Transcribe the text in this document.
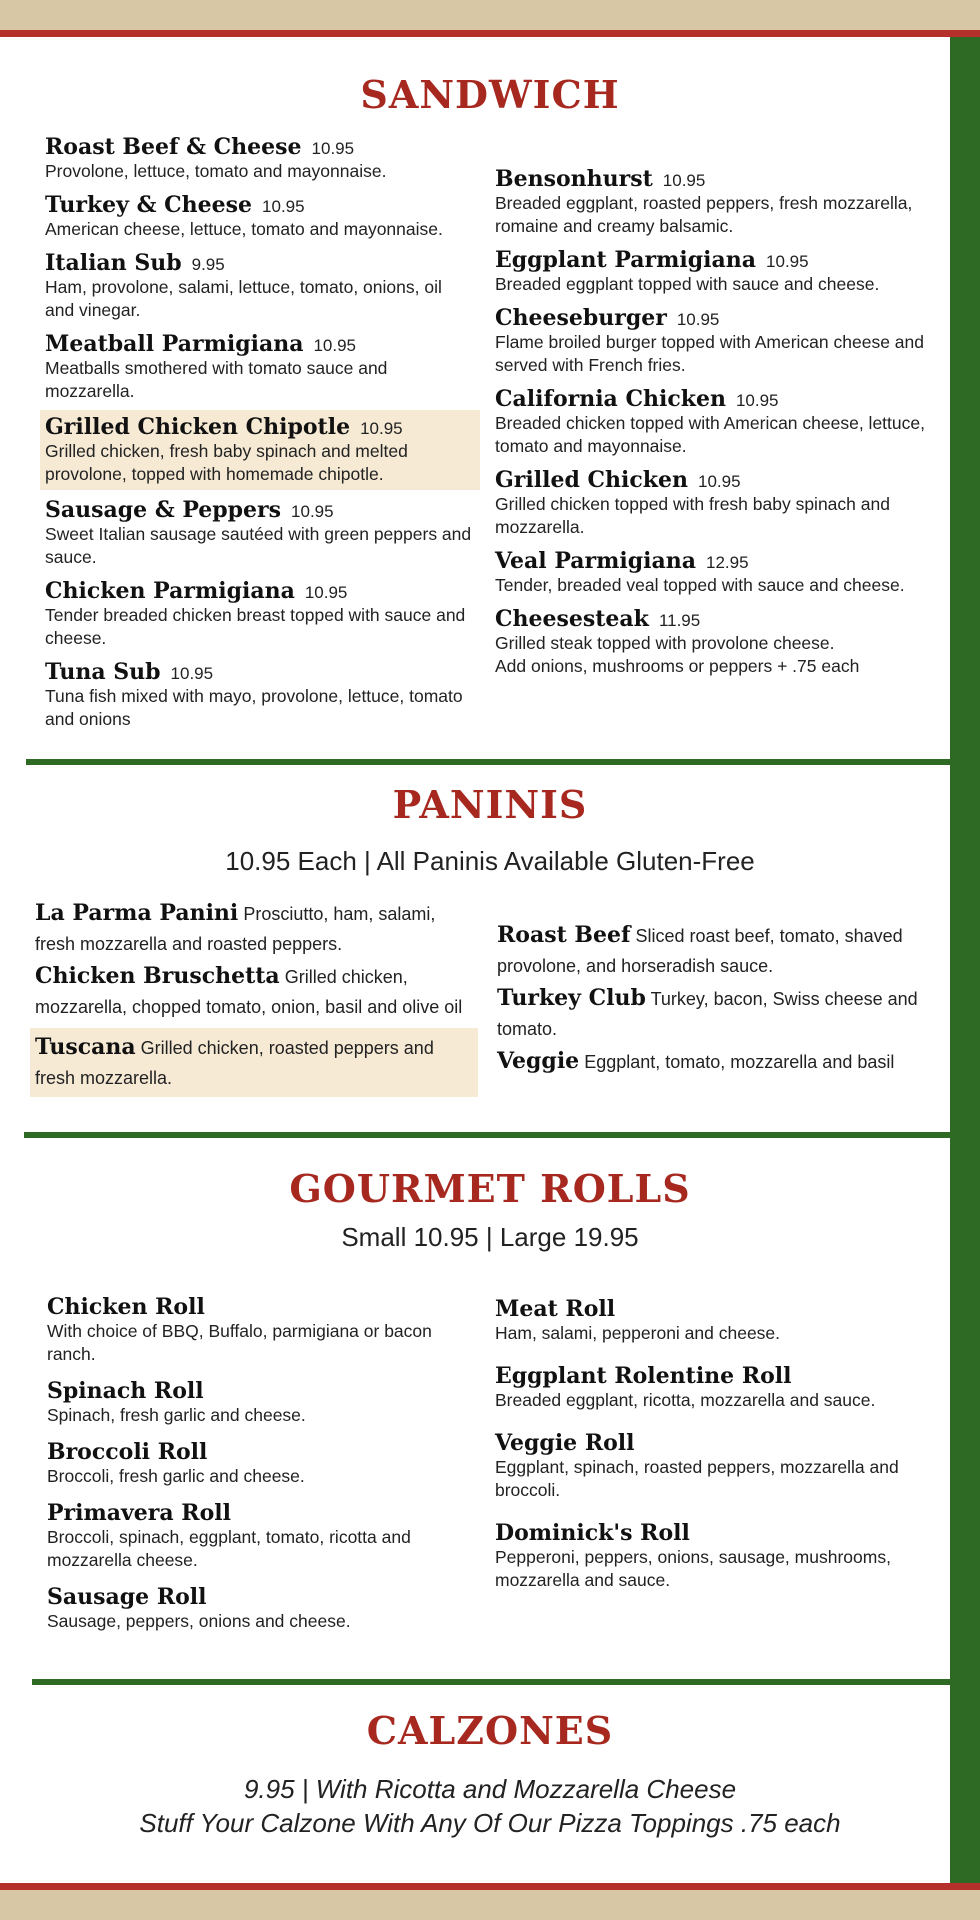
SANDWICH
Roast Beef & Cheese 10.95
Provolone, lettuce, tomato and mayonnaise.
Turkey & Cheese 10.95
American cheese, lettuce, tomato and mayonnaise.
Italian Sub 9.95
Ham, provolone, salami, lettuce, tomato, onions, oil and vinegar.
Meatball Parmigiana 10.95
Meatballs smothered with tomato sauce and mozzarella.
Grilled Chicken Chipotle 10.95
Grilled chicken, fresh baby spinach and melted provolone, topped with homemade chipotle.
Sausage & Peppers 10.95
Sweet Italian sausage sautéed with green peppers and sauce.
Chicken Parmigiana 10.95
Tender breaded chicken breast topped with sauce and cheese.
Tuna Sub 10.95
Tuna fish mixed with mayo, provolone, lettuce, tomato and onions
Bensonhurst 10.95
Breaded eggplant, roasted peppers, fresh mozzarella, romaine and creamy balsamic.
Eggplant Parmigiana 10.95
Breaded eggplant topped with sauce and cheese.
Cheeseburger 10.95
Flame broiled burger topped with American cheese and served with French fries.
California Chicken 10.95
Breaded chicken topped with American cheese, lettuce, tomato and mayonnaise.
Grilled Chicken 10.95
Grilled chicken topped with fresh baby spinach and mozzarella.
Veal Parmigiana 12.95
Tender, breaded veal topped with sauce and cheese.
Cheesesteak 11.95
Grilled steak topped with provolone cheese.
Add onions, mushrooms or peppers + .75 each
PANINIS
10.95 Each | All Paninis Available Gluten-Free
La Parma Panini Prosciutto, ham, salami, fresh mozzarella and roasted peppers.
Chicken Bruschetta Grilled chicken, mozzarella, chopped tomato, onion, basil and olive oil
Tuscana Grilled chicken, roasted peppers and fresh mozzarella.
Roast Beef Sliced roast beef, tomato, shaved provolone, and horseradish sauce.
Turkey Club Turkey, bacon, Swiss cheese and tomato.
Veggie Eggplant, tomato, mozzarella and basil
GOURMET ROLLS
Small 10.95 | Large 19.95
Chicken Roll
With choice of BBQ, Buffalo, parmigiana or bacon ranch.
Spinach Roll
Spinach, fresh garlic and cheese.
Broccoli Roll
Broccoli, fresh garlic and cheese.
Primavera Roll
Broccoli, spinach, eggplant, tomato, ricotta and mozzarella cheese.
Sausage Roll
Sausage, peppers, onions and cheese.
Meat Roll
Ham, salami, pepperoni and cheese.
Eggplant Rolentine Roll
Breaded eggplant, ricotta, mozzarella and sauce.
Veggie Roll
Eggplant, spinach, roasted peppers, mozzarella and broccoli.
Dominick's Roll
Pepperoni, peppers, onions, sausage, mushrooms, mozzarella and sauce.
CALZONES
9.95 | With Ricotta and Mozzarella Cheese
Stuff Your Calzone With Any Of Our Pizza Toppings .75 each
